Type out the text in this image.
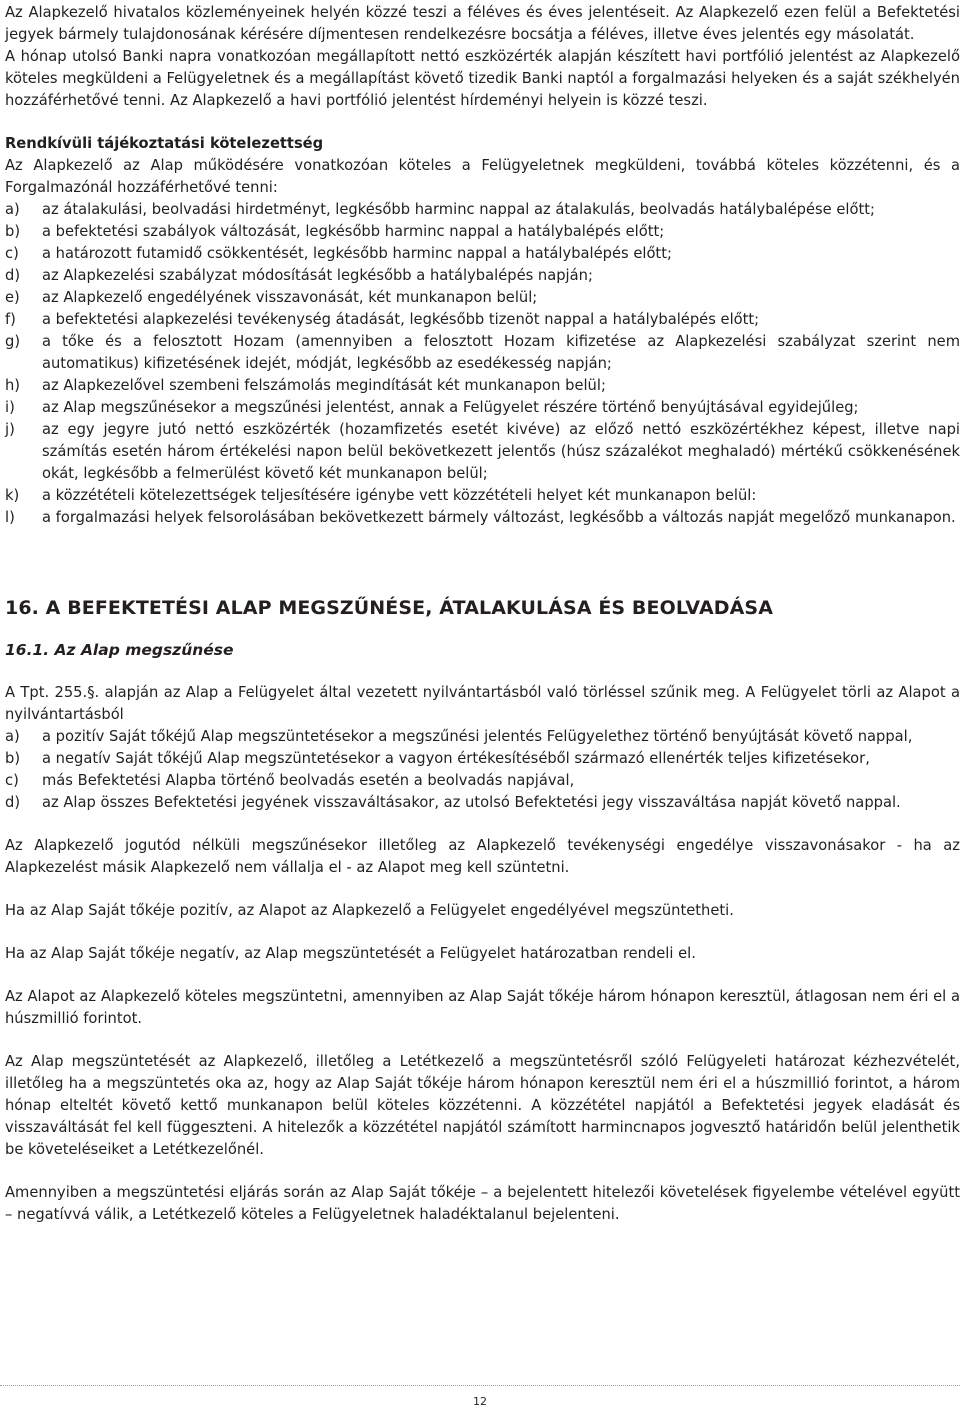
Az Alapkezelő hivatalos közleményeinek helyén közzé teszi a féléves és éves jelentéseit. Az Alapkezelő ezen felül a Befektetési jegyek bármely tulajdonosának kérésére díjmentesen rendelkezésre bocsátja a féléves, illetve éves jelentés egy másolatát.

A hónap utolsó Banki napra vonatkozóan megállapított nettó eszközérték alapján készített havi portfólió jelentést az Alapkezelő köteles megküldeni a Felügyeletnek és a megállapítást követő tizedik Banki naptól a forgalmazási helyeken és a saját székhelyén hozzáférhetővé tenni. Az Alapkezelő a havi portfólió jelentést hírdeményi helyein is közzé teszi.

Rendkívüli tájékoztatási kötelezettség

Az Alapkezelő az Alap működésére vonatkozóan köteles a Felügyeletnek megküldeni, továbbá köteles közzétenni, és a Forgalmazónál hozzáférhetővé tenni:

a)	az átalakulási, beolvadási hirdetményt, legkésőbb harminc nappal az átalakulás, beolvadás hatálybalépése előtt;
b)	a befektetési szabályok változását, legkésőbb harminc nappal a hatálybalépés előtt;
c)	a határozott futamidő csökkentését, legkésőbb harminc nappal a hatálybalépés előtt;
d)	az Alapkezelési szabályzat módosítását legkésőbb a hatálybalépés napján;
e)	az Alapkezelő engedélyének visszavonását, két munkanapon belül;
f)	a befektetési alapkezelési tevékenység átadását, legkésőbb tizenöt nappal a hatálybalépés előtt;
g)	a tőke és a felosztott Hozam (amennyiben a felosztott Hozam kifizetése az Alapkezelési szabályzat szerint nem automatikus) kifizetésének idejét, módját, legkésőbb az esedékesség napján;
h)	az Alapkezelővel szembeni felszámolás megindítását két munkanapon belül;
i)	az Alap megszűnésekor a megszűnési jelentést, annak a Felügyelet részére történő benyújtásával egyidejűleg;
j)	az egy jegyre jutó nettó eszközérték (hozamfizetés esetét kivéve) az előző nettó eszközértékhez képest, illetve napi számítás esetén három értékelési napon belül bekövetkezett jelentős (húsz százalékot meghaladó) mértékű csökkenésének okát, legkésőbb a felmerülést követő két munkanapon belül;
k)	a közzétételi kötelezettségek teljesítésére igénybe vett közzétételi helyet két munkanapon belül:
l)	a forgalmazási helyek felsorolásában bekövetkezett bármely változást, legkésőbb a változás napját megelőző munkanapon.

16. A BEFEKTETÉSI ALAP MEGSZŰNÉSE, ÁTALAKULÁSA ÉS BEOLVADÁSA

16.1. Az Alap megszűnése

A Tpt. 255.§. alapján az Alap a Felügyelet által vezetett nyilvántartásból való törléssel szűnik meg. A Felügyelet törli az Alapot a nyilvántartásból

a)	a pozitív Saját tőkéjű Alap megszüntetésekor a megszűnési jelentés Felügyelethez történő benyújtását követő nappal,
b)	a negatív Saját tőkéjű Alap megszüntetésekor a vagyon értékesítéséből származó ellenérték teljes kifizetésekor,
c)	más Befektetési Alapba történő beolvadás esetén a beolvadás napjával,
d)	az Alap összes Befektetési jegyének visszaváltásakor, az utolsó Befektetési jegy visszaváltása napját követő nappal.

Az Alapkezelő jogutód nélküli megszűnésekor illetőleg az Alapkezelő tevékenységi engedélye visszavonásakor - ha az Alapkezelést másik Alapkezelő nem vállalja el - az Alapot meg kell szüntetni.

Ha az Alap Saját tőkéje pozitív, az Alapot az Alapkezelő a Felügyelet engedélyével megszüntetheti.

Ha az Alap Saját tőkéje negatív, az Alap megszüntetését a Felügyelet határozatban rendeli el.

Az Alapot az Alapkezelő köteles megszüntetni, amennyiben az Alap Saját tőkéje három hónapon keresztül, átlagosan nem éri el a húszmillió forintot.

Az Alap megszüntetését az Alapkezelő, illetőleg a Letétkezelő a megszüntetésről szóló Felügyeleti határozat kézhezvételét, illetőleg ha a megszüntetés oka az, hogy az Alap Saját tőkéje három hónapon keresztül nem éri el a húszmillió forintot, a három hónap elteltét követő kettő munkanapon belül köteles közzétenni. A közzététel napjától a Befektetési jegyek eladását és visszaváltását fel kell függeszteni. A hitelezők a közzététel napjától számított harmincnapos jogvesztő határidőn belül jelenthetik be követeléseiket a Letétkezelőnél.

Amennyiben a megszüntetési eljárás során az Alap Saját tőkéje – a bejelentett hitelezői követelések figyelembe vételével együtt – negatívvá válik, a Letétkezelő köteles a Felügyeletnek haladéktalanul bejelenteni.

12
